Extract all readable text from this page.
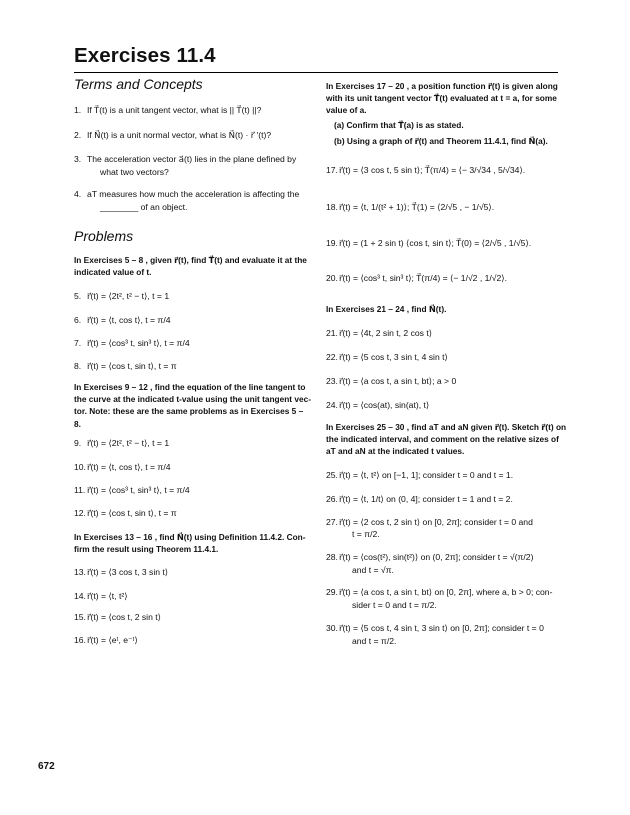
Exercises 11.4
Terms and Concepts
1. If T⃗(t) is a unit tangent vector, what is || T⃗(t) ||?
2. If N⃗(t) is a unit normal vector, what is N⃗(t) · r⃗ ′(t)?
3. The acceleration vector a⃗(t) lies in the plane defined by
what two vectors?
4. aT measures how much the acceleration is affecting the
________ of an object.
Problems
In Exercises 5 – 8 , given r⃗(t), find T⃗(t) and evaluate it at the
indicated value of t.
5. r⃗(t) = ⟨2t², t² − t⟩, t = 1
6. r⃗(t) = ⟨t, cos t⟩, t = π/4
7. r⃗(t) = ⟨cos³ t, sin³ t⟩, t = π/4
8. r⃗(t) = ⟨cos t, sin t⟩, t = π
In Exercises 9 – 12 , find the equation of the line tangent to
the curve at the indicated t-value using the unit tangent vec-
tor. Note: these are the same problems as in Exercises 5 –
8.
9. r⃗(t) = ⟨2t², t² − t⟩, t = 1
10.r⃗(t) = ⟨t, cos t⟩, t = π/4
11. r⃗(t) = ⟨cos³ t, sin³ t⟩, t = π/4
12.r⃗(t) = ⟨cos t, sin t⟩, t = π
In Exercises 13 – 16 , find N⃗(t) using Definition 11.4.2. Con-
firm the result using Theorem 11.4.1.
13.r⃗(t) = ⟨3 cos t, 3 sin t⟩
14.r⃗(t) = ⟨t, t²⟩
15.r⃗(t) = ⟨cos t, 2 sin t⟩
16.r⃗(t) = ⟨eᵗ, e⁻ᵗ⟩
In Exercises 17 – 20 , a position function r⃗(t) is given along
with its unit tangent vector T⃗(t) evaluated at t = a, for some
value of a.
(a) Confirm that T⃗(a) is as stated.
(b) Using a graph of r⃗(t) and Theorem 11.4.1, find N⃗(a).
17.r⃗(t) = ⟨3 cos t, 5 sin t⟩; T⃗(π/4) = ⟨− 3/√34 , 5/√34⟩.
18.r⃗(t) = ⟨t, 1/(t² + 1)⟩; T⃗(1) = ⟨2/√5 , − 1/√5⟩.
19.r⃗(t) = (1 + 2 sin t) ⟨cos t, sin t⟩; T⃗(0) = ⟨2/√5 , 1/√5⟩.
20.r⃗(t) = ⟨cos³ t, sin³ t⟩; T⃗(π/4) = ⟨− 1/√2 , 1/√2⟩.
In Exercises 21 – 24 , find N⃗(t).
21.r⃗(t) = ⟨4t, 2 sin t, 2 cos t⟩
22.r⃗(t) = ⟨5 cos t, 3 sin t, 4 sin t⟩
23.r⃗(t) = ⟨a cos t, a sin t, bt⟩; a > 0
24.r⃗(t) = ⟨cos(at), sin(at), t⟩
In Exercises 25 – 30 , find aT and aN given r⃗(t). Sketch r⃗(t) on
the indicated interval, and comment on the relative sizes of
aT and aN at the indicated t values.
25.r⃗(t) = ⟨t, t²⟩ on [−1, 1]; consider t = 0 and t = 1.
26.r⃗(t) = ⟨t, 1/t⟩ on (0, 4]; consider t = 1 and t = 2.
27.r⃗(t) = ⟨2 cos t, 2 sin t⟩ on [0, 2π]; consider t = 0 and
t = π/2.
28.r⃗(t) = ⟨cos(t²), sin(t²)⟩ on (0, 2π]; consider t = √(π/2)
and t = √π.
29.r⃗(t) = ⟨a cos t, a sin t, bt⟩ on [0, 2π], where a, b > 0; con-
sider t = 0 and t = π/2.
30.r⃗(t) = ⟨5 cos t, 4 sin t, 3 sin t⟩ on [0, 2π]; consider t = 0
and t = π/2.
672
